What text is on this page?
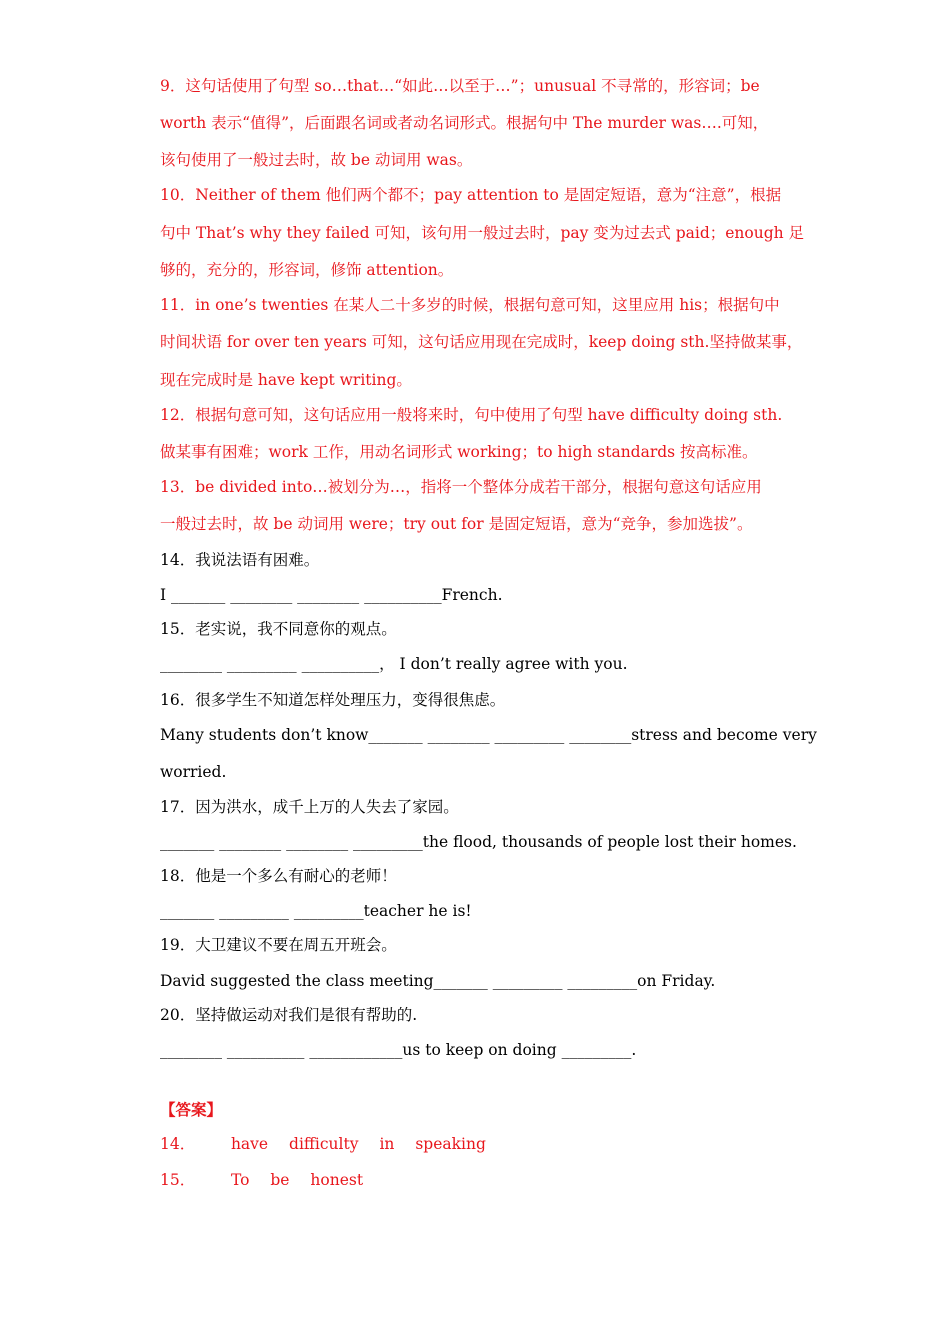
9．这句话使用了句型 so…that…“如此…以至于…”；unusual 不寻常的，形容词；be
worth 表示“值得”，后面跟名词或者动名词形式。根据句中 The murder was….可知，
该句使用了一般过去时，故 be 动词用 was。
10．Neither of them 他们两个都不；pay attention to 是固定短语，意为“注意”，根据
句中 That’s why they failed 可知，该句用一般过去时，pay 变为过去式 paid；enough 足
够的，充分的，形容词，修饰 attention。
11．in one’s twenties 在某人二十多岁的时候，根据句意可知，这里应用 his；根据句中
时间状语 for over ten years 可知，这句话应用现在完成时，keep doing sth.坚持做某事，
现在完成时是 have kept writing。
12．根据句意可知，这句话应用一般将来时，句中使用了句型 have difficulty doing sth.
做某事有困难；work 工作，用动名词形式 working；to high standards 按高标准。
13．be divided into…被划分为…，指将一个整体分成若干部分，根据句意这句话应用
一般过去时，故 be 动词用 were；try out for 是固定短语，意为“竞争，参加选拔”。
14．我说法语有困难。
I _______ ________ ________ __________French.
15．老实说，我不同意你的观点。
________ _________ __________， I don’t really agree with you.
16．很多学生不知道怎样处理压力，变得很焦虑。
Many students don’t know_______ ________ _________ ________stress and become very
worried.
17．因为洪水，成千上万的人失去了家园。
_______ ________ ________ _________the flood, thousands of people lost their homes.
18．他是一个多么有耐心的老师！
_______ _________ _________teacher he is!
19．大卫建议不要在周五开班会。
David suggested the class meeting_______ _________ _________on Friday.
20．坚持做运动对我们是很有帮助的.
________ __________ ____________us to keep on doing _________.
【答案】
14． have difficulty in speaking
15． To be honest
